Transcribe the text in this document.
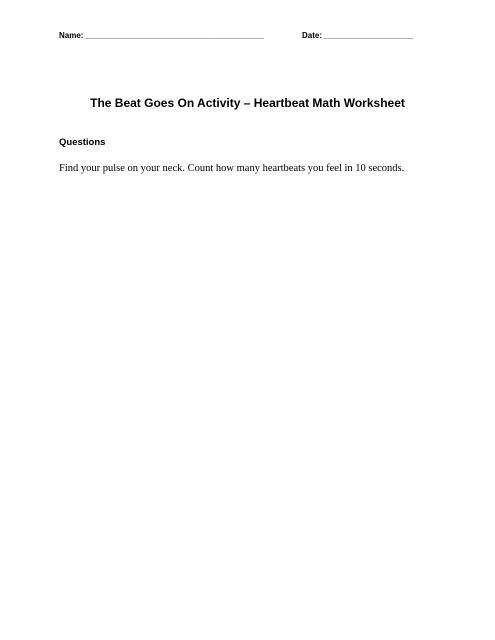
Name: ________________________________________	Date: ____________________
The Beat Goes On Activity – Heartbeat Math Worksheet
Questions
Find your pulse on your neck. Count how many heartbeats you feel in 10 seconds.
